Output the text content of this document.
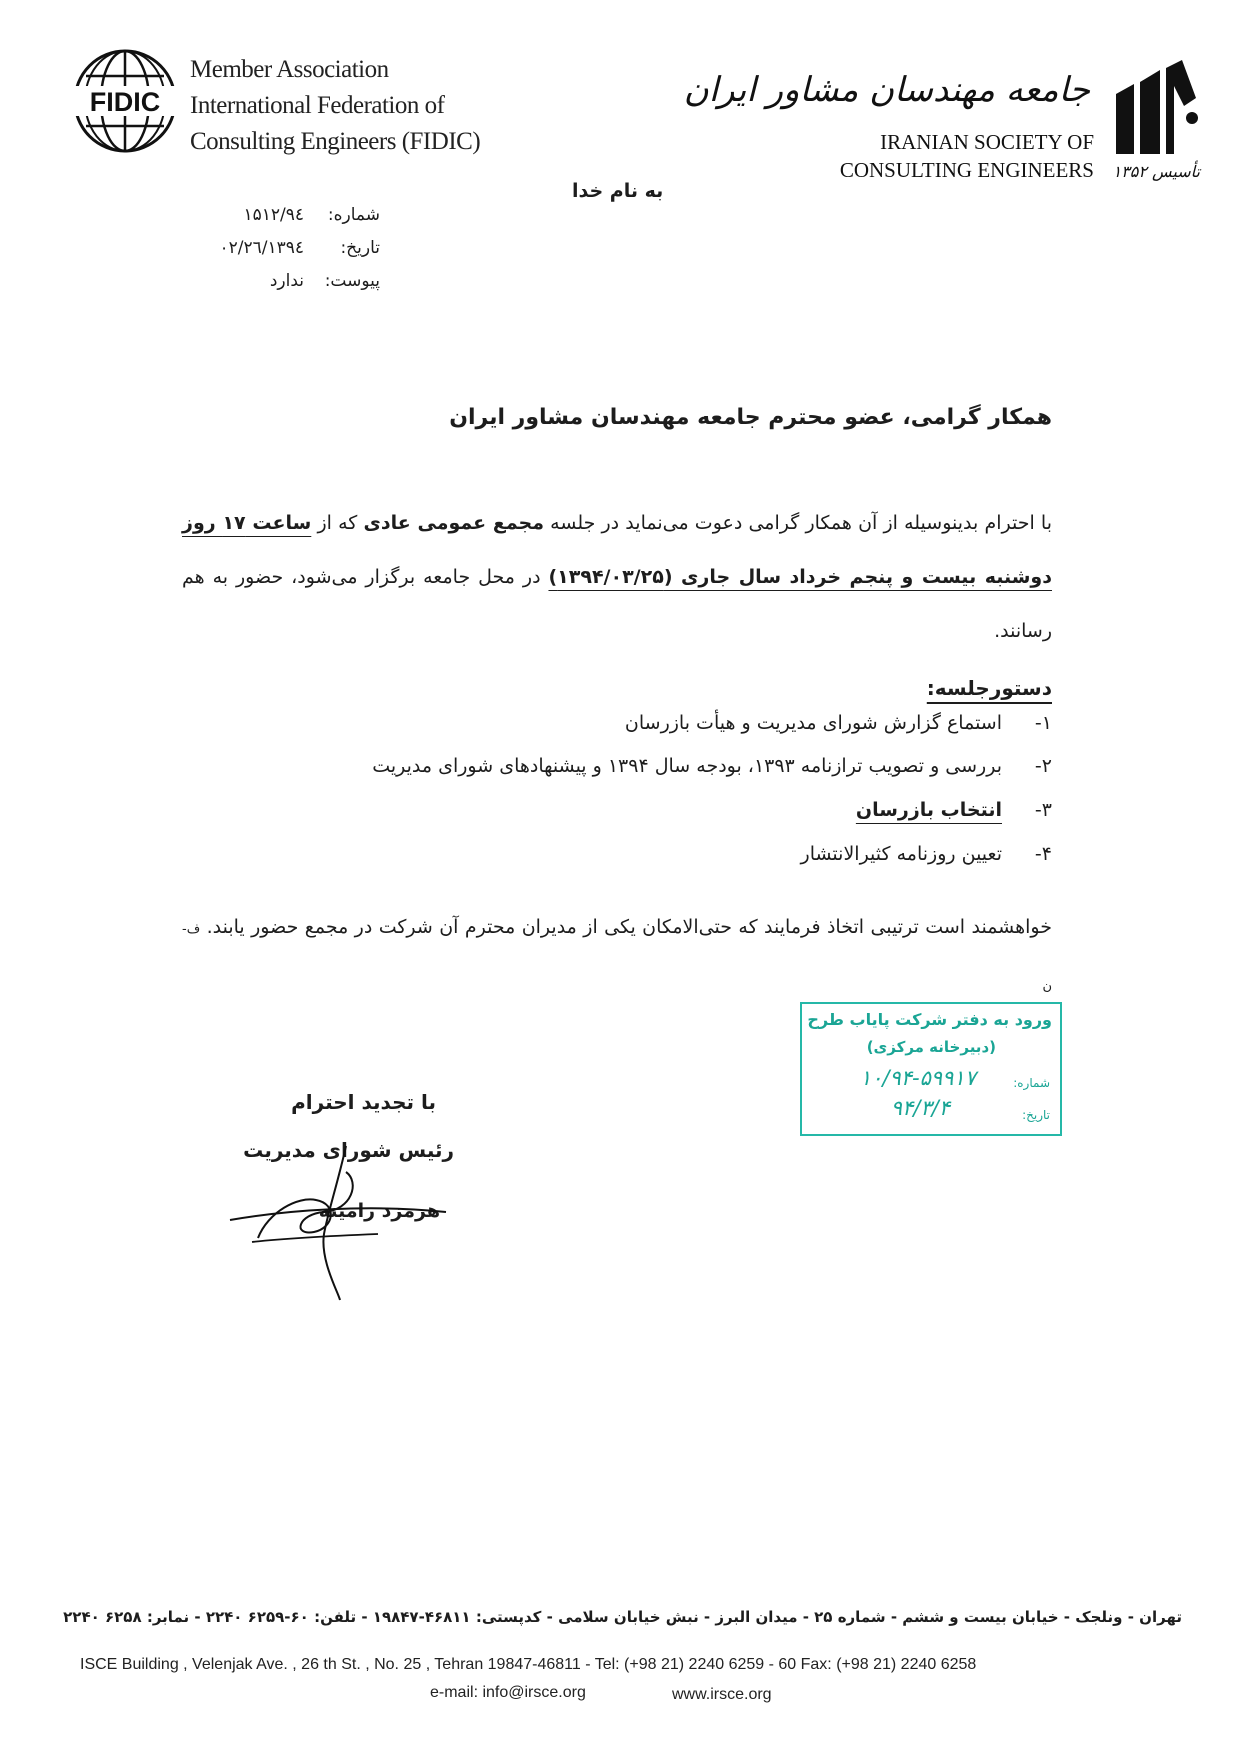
FIDIC
Member Association
International Federation of
Consulting Engineers (FIDIC)
جامعه مهندسان مشاور ایران
IRANIAN SOCIETY OF
CONSULTING ENGINEERS تأسیس ۱۳۵۲
به نام خدا
شماره:
۹٤/۱۵۱۲
تاریخ:
۱۳۹٤/۰۲/۲٦
پیوست:
ندارد
همکار گرامی، عضو محترم جامعه مهندسان مشاور ایران
با احترام بدینوسیله از آن همکار گرامی دعوت می‌نماید در جلسه مجمع عمومی عادی که از ساعت ۱۷ روز دوشنبه بیست و پنجم خرداد سال جاری (۱۳۹۴/۰۳/۲۵) در محل جامعه برگزار می‌شود، حضور به هم رسانند.
دستورجلسه:
۱-
استماع گزارش شورای مدیریت و هیأت بازرسان
۲-
بررسی و تصویب ترازنامه ۱۳۹۳، بودجه سال ۱۳۹۴ و پیشنهادهای شورای مدیریت
۳-
انتخاب بازرسان
۴-
تعیین روزنامه کثیرالانتشار
خواهشمند است ترتیبی اتخاذ فرمایند که حتی‌الامکان یکی از مدیران محترم آن شرکت در مجمع حضور یابند. ف-ن
ورود به دفتر شرکت پایاب طرح
(دبیرخانه مرکزی)
شماره:
۱۰/۹۴-۵۹۹۱۷
تاریخ:
۹۴/۳/۴
با تجدید احترام
رئیس شورای مدیریت
هرمزد رامینه
تهران - ونلجک - خیابان بیست و ششم - شماره ۲۵ - میدان البرز - نبش خیابان سلامی - کدپستی: ۴۶۸۱۱-۱۹۸۴۷ - تلفن: ۶۰-۶۲۵۹ ۲۲۴۰ - نمابر: ۶۲۵۸ ۲۲۴۰
ISCE Building , Velenjak Ave. , 26 th St. , No. 25 , Tehran 19847-46811 - Tel: (+98 21) 2240 6259 - 60 Fax: (+98 21) 2240 6258
e-mail: info@irsce.org	www.irsce.org
